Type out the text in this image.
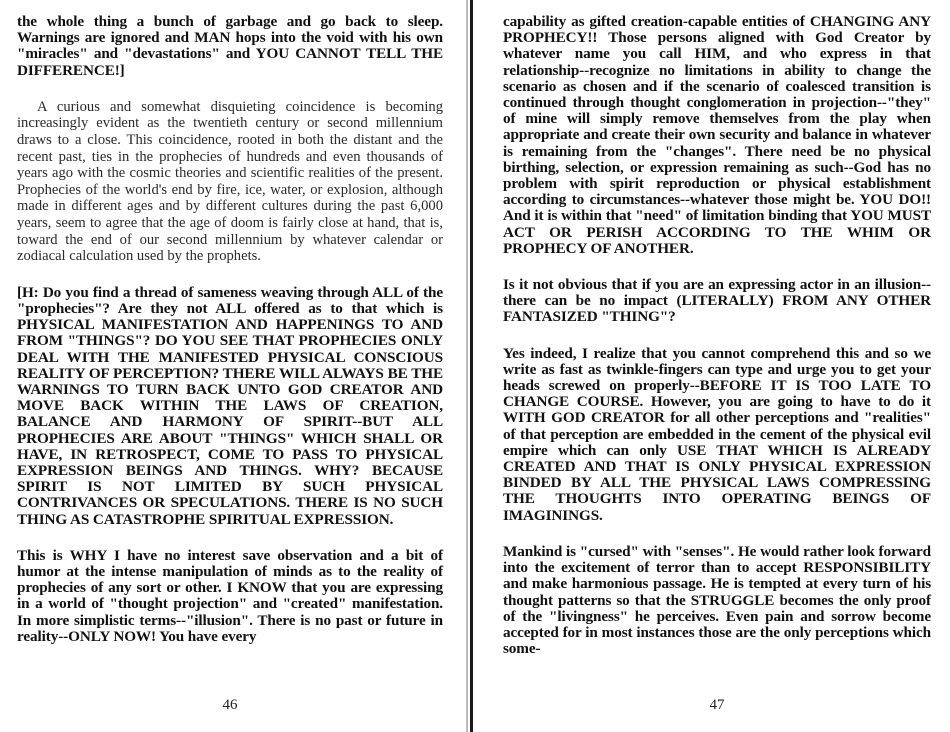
the whole thing a bunch of garbage and go back to sleep. Warnings are ignored and MAN hops into the void with his own "miracles" and "devastations" and YOU CANNOT TELL THE DIFFERENCE!]

A curious and somewhat disquieting coincidence is becoming increasingly evident as the twentieth century or second millennium draws to a close. This coincidence, rooted in both the distant and the recent past, ties in the prophecies of hundreds and even thousands of years ago with the cosmic theories and scientific realities of the present. Prophecies of the world's end by fire, ice, water, or explosion, although made in different ages and by different cultures during the past 6,000 years, seem to agree that the age of doom is fairly close at hand, that is, toward the end of our second millennium by whatever calendar or zodiacal calculation used by the prophets.

[H: Do you find a thread of sameness weaving through ALL of the "prophecies"? Are they not ALL offered as to that which is PHYSICAL MANIFESTATION AND HAPPENINGS TO AND FROM "THINGS"? DO YOU SEE THAT PROPHECIES ONLY DEAL WITH THE MANIFESTED PHYSICAL CONSCIOUS REALITY OF PERCEPTION? THERE WILL ALWAYS BE THE WARNINGS TO TURN BACK UNTO GOD CREATOR AND MOVE BACK WITHIN THE LAWS OF CREATION, BALANCE AND HARMONY OF SPIRIT--BUT ALL PROPHECIES ARE ABOUT "THINGS" WHICH SHALL OR HAVE, IN RETROSPECT, COME TO PASS TO PHYSICAL EXPRESSION BEINGS AND THINGS. WHY? BECAUSE SPIRIT IS NOT LIMITED BY SUCH PHYSICAL CONTRIVANCES OR SPECULATIONS. THERE IS NO SUCH THING AS CATASTROPHE SPIRITUAL EXPRESSION.

This is WHY I have no interest save observation and a bit of humor at the intense manipulation of minds as to the reality of prophecies of any sort or other. I KNOW that you are expressing in a world of "thought projection" and "created" manifestation. In more simplistic terms--"illusion". There is no past or future in reality--ONLY NOW! You have every

46

capability as gifted creation-capable entities of CHANGING ANY PROPHECY!! Those persons aligned with God Creator by whatever name you call HIM, and who express in that relationship--recognize no limitations in ability to change the scenario as chosen and if the scenario of coalesced transition is continued through thought conglomeration in projection--"they" of mine will simply remove themselves from the play when appropriate and create their own security and balance in whatever is remaining from the "changes". There need be no physical birthing, selection, or expression remaining as such--God has no problem with spirit reproduction or physical establishment according to circumstances--whatever those might be. YOU DO!! And it is within that "need" of limitation binding that YOU MUST ACT OR PERISH ACCORDING TO THE WHIM OR PROPHECY OF ANOTHER.

Is it not obvious that if you are an expressing actor in an illusion--there can be no impact (LITERALLY) FROM ANY OTHER FANTASIZED "THING"?

Yes indeed, I realize that you cannot comprehend this and so we write as fast as twinkle-fingers can type and urge you to get your heads screwed on properly--BEFORE IT IS TOO LATE TO CHANGE COURSE. However, you are going to have to do it WITH GOD CREATOR for all other perceptions and "realities" of that perception are embedded in the cement of the physical evil empire which can only USE THAT WHICH IS ALREADY CREATED AND THAT IS ONLY PHYSICAL EXPRESSION BINDED BY ALL THE PHYSICAL LAWS COMPRESSING THE THOUGHTS INTO OPERATING BEINGS OF IMAGININGS.

Mankind is "cursed" with "senses". He would rather look forward into the excitement of terror than to accept RESPONSIBILITY and make harmonious passage. He is tempted at every turn of his thought patterns so that the STRUGGLE becomes the only proof of the "livingness" he perceives. Even pain and sorrow become accepted for in most instances those are the only perceptions which some-

47
